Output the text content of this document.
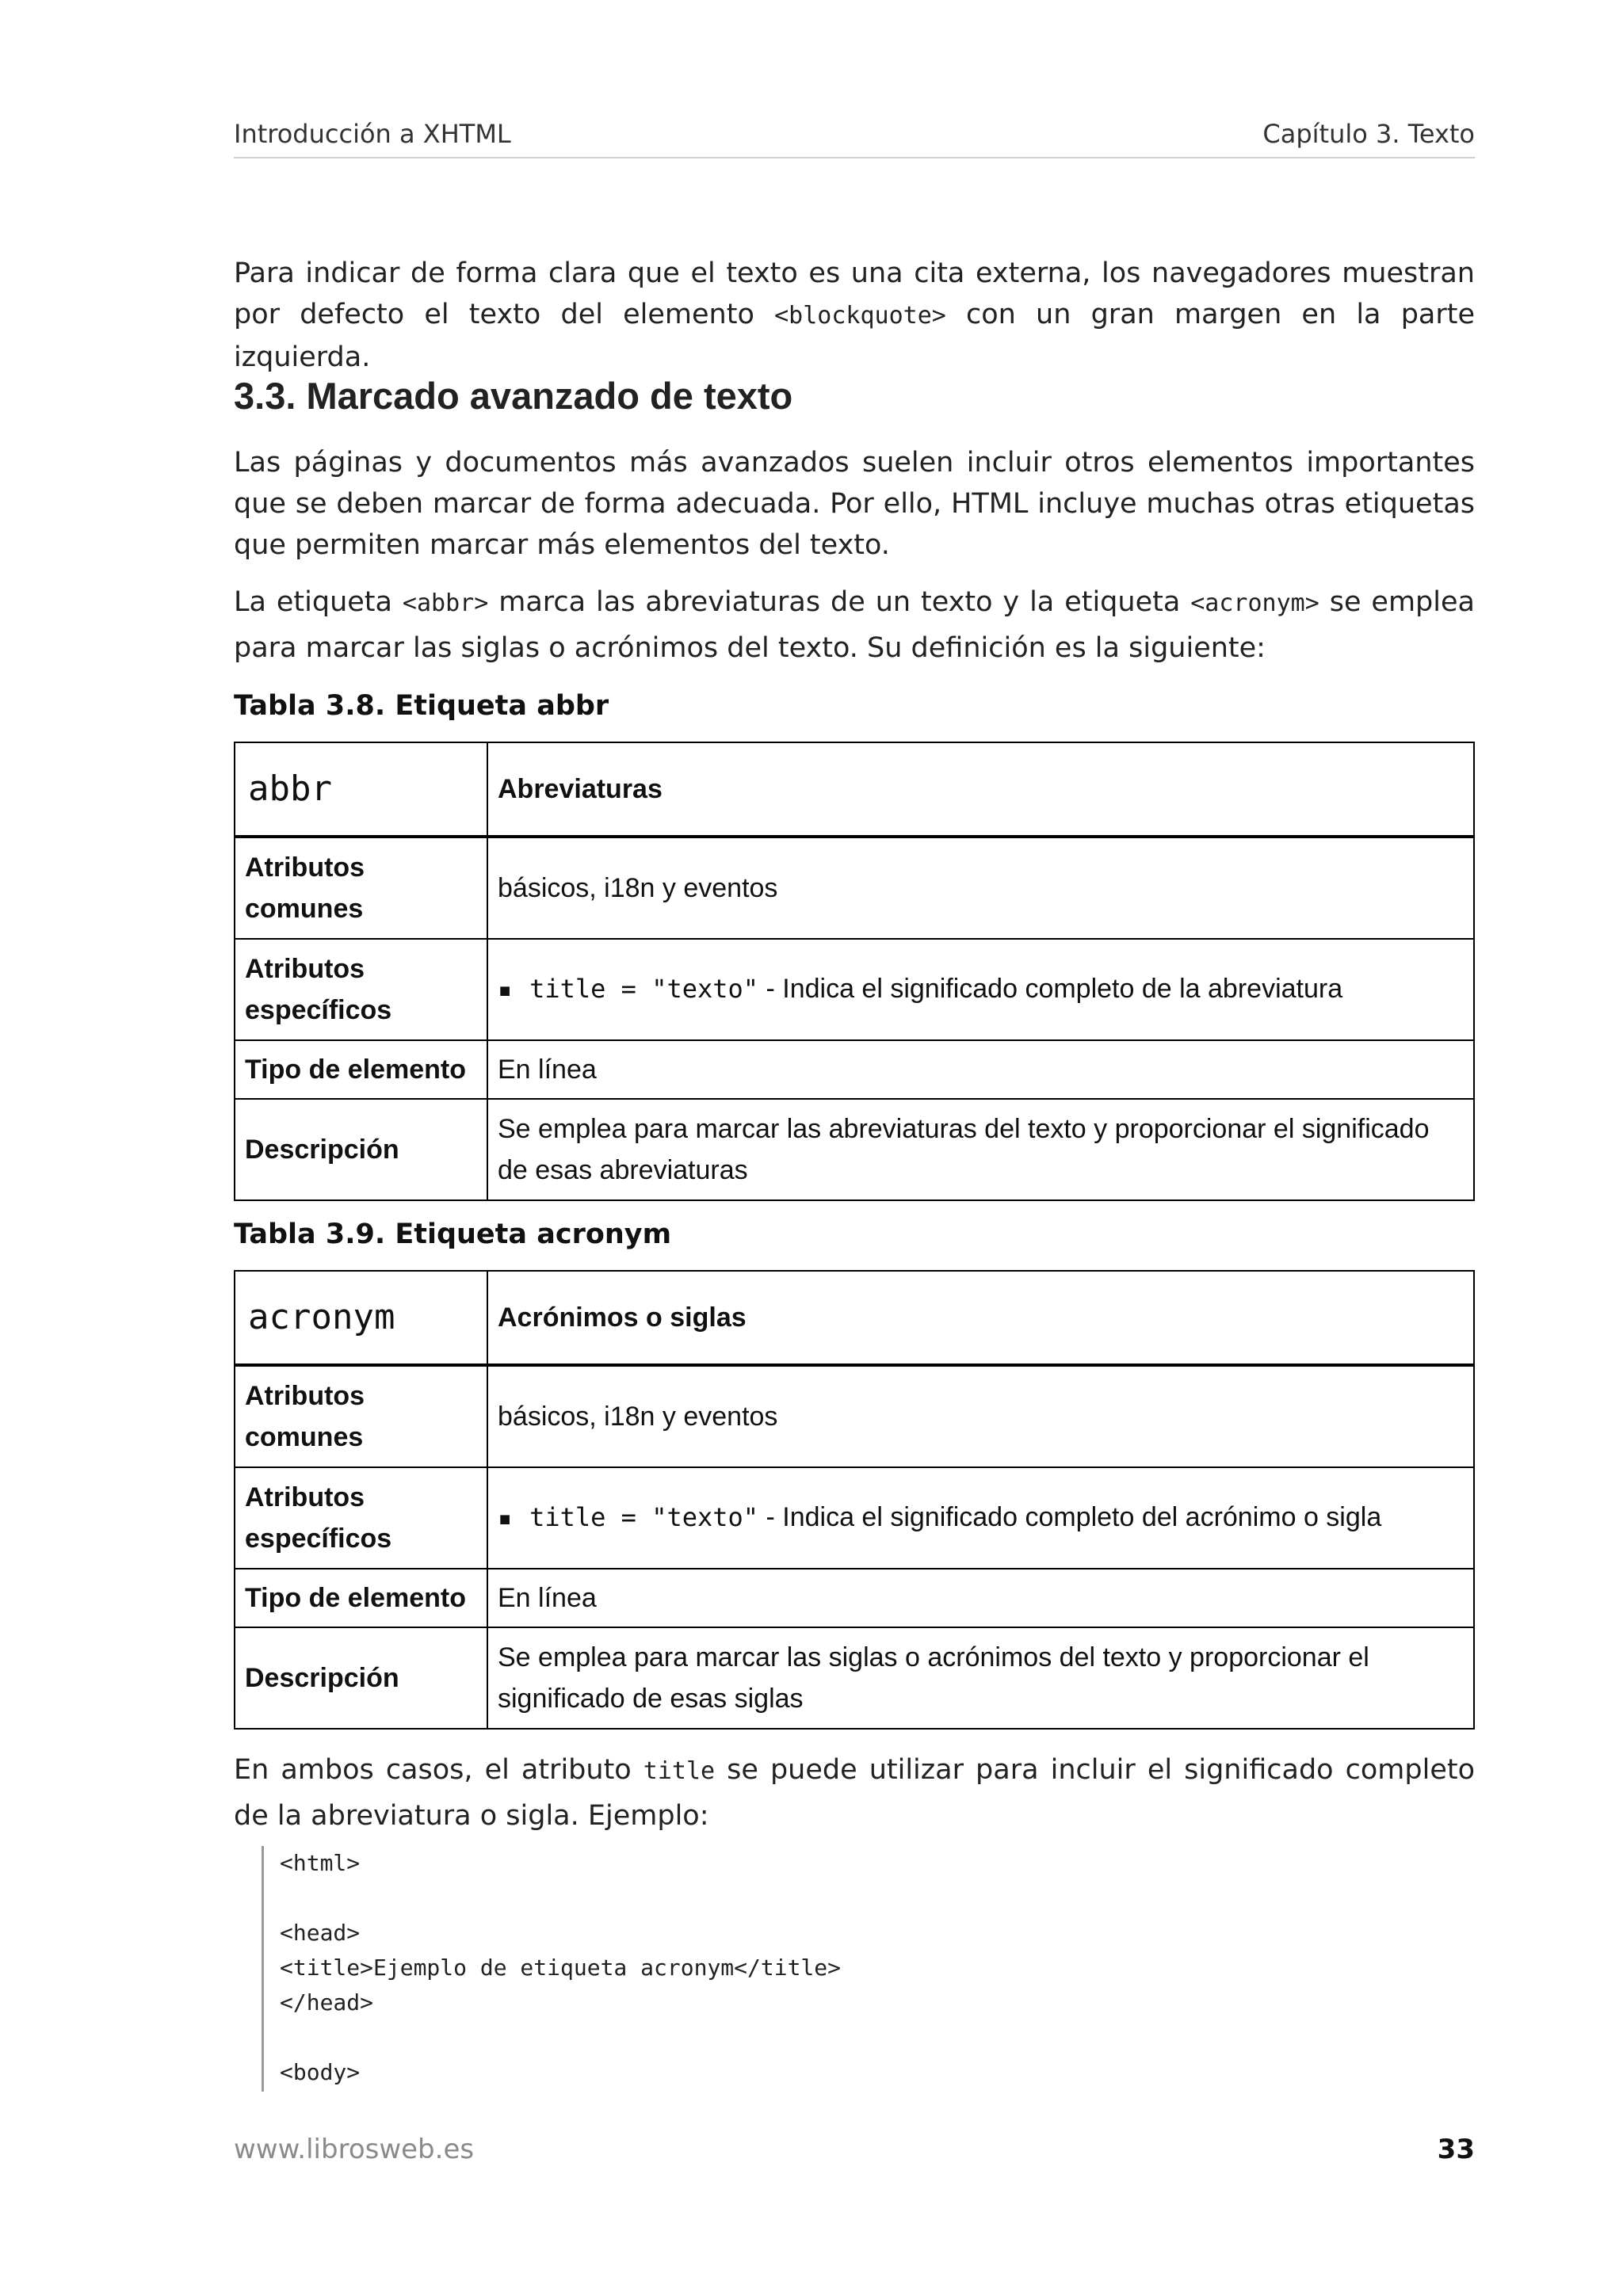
Introducción a XHTML	Capítulo 3. Texto

Para indicar de forma clara que el texto es una cita externa, los navegadores muestran por defecto el texto del elemento <blockquote> con un gran margen en la parte izquierda.

3.3. Marcado avanzado de texto

Las páginas y documentos más avanzados suelen incluir otros elementos importantes que se deben marcar de forma adecuada. Por ello, HTML incluye muchas otras etiquetas que permiten marcar más elementos del texto.

La etiqueta <abbr> marca las abreviaturas de un texto y la etiqueta <acronym> se emplea para marcar las siglas o acrónimos del texto. Su definición es la siguiente:

Tabla 3.8. Etiqueta abbr
abbr	Abreviaturas
Atributos comunes	básicos, i18n y eventos
Atributos específicos	▪ title = "texto" - Indica el significado completo de la abreviatura
Tipo de elemento	En línea
Descripción	Se emplea para marcar las abreviaturas del texto y proporcionar el significado de esas abreviaturas
Tabla 3.9. Etiqueta acronym
acronym	Acrónimos o siglas
Atributos comunes	básicos, i18n y eventos
Atributos específicos	▪ title = "texto" - Indica el significado completo del acrónimo o sigla
Tipo de elemento	En línea
Descripción	Se emplea para marcar las siglas o acrónimos del texto y proporcionar el significado de esas siglas

En ambos casos, el atributo title se puede utilizar para incluir el significado completo de la abreviatura o sigla. Ejemplo:

<html>
<head>
<title>Ejemplo de etiqueta acronym</title>
</head>
<body>
www.librosweb.es	33
